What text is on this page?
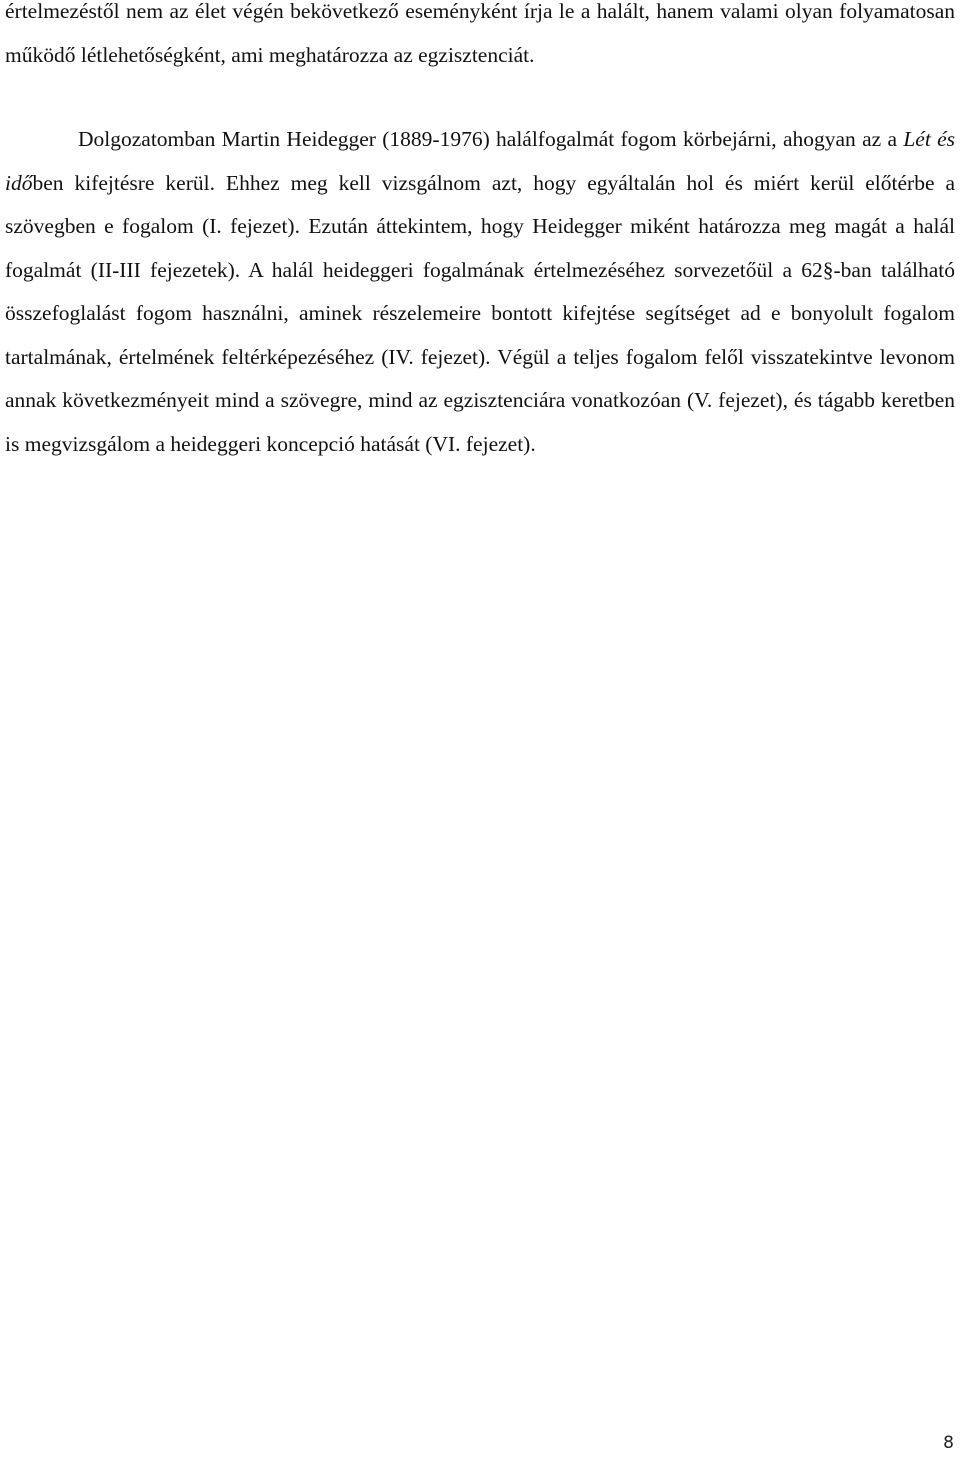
értelmezéstől nem az élet végén bekövetkező eseményként írja le a halált, hanem valami olyan folyamatosan működő létlehetőségként, ami meghatározza az egzisztenciát.

Dolgozatomban Martin Heidegger (1889-1976) halálfogalmát fogom körbejárni, ahogyan az a Lét és időben kifejtésre kerül. Ehhez meg kell vizsgálnom azt, hogy egyáltalán hol és miért kerül előtérbe a szövegben e fogalom (I. fejezet). Ezután áttekintem, hogy Heidegger miként határozza meg magát a halál fogalmát (II-III fejezetek). A halál heideggeri fogalmának értelmezéséhez sorvezetőül a 62§-ban található összefoglalást fogom használni, aminek részelemeire bontott kifejtése segítséget ad e bonyolult fogalom tartalmának, értelmének feltérképezéséhez (IV. fejezet). Végül a teljes fogalom felől visszatekintve levonom annak következményeit mind a szövegre, mind az egzisztenciára vonatkozóan (V. fejezet), és tágabb keretben is megvizsgálom a heideggeri koncepció hatását (VI. fejezet).

8
